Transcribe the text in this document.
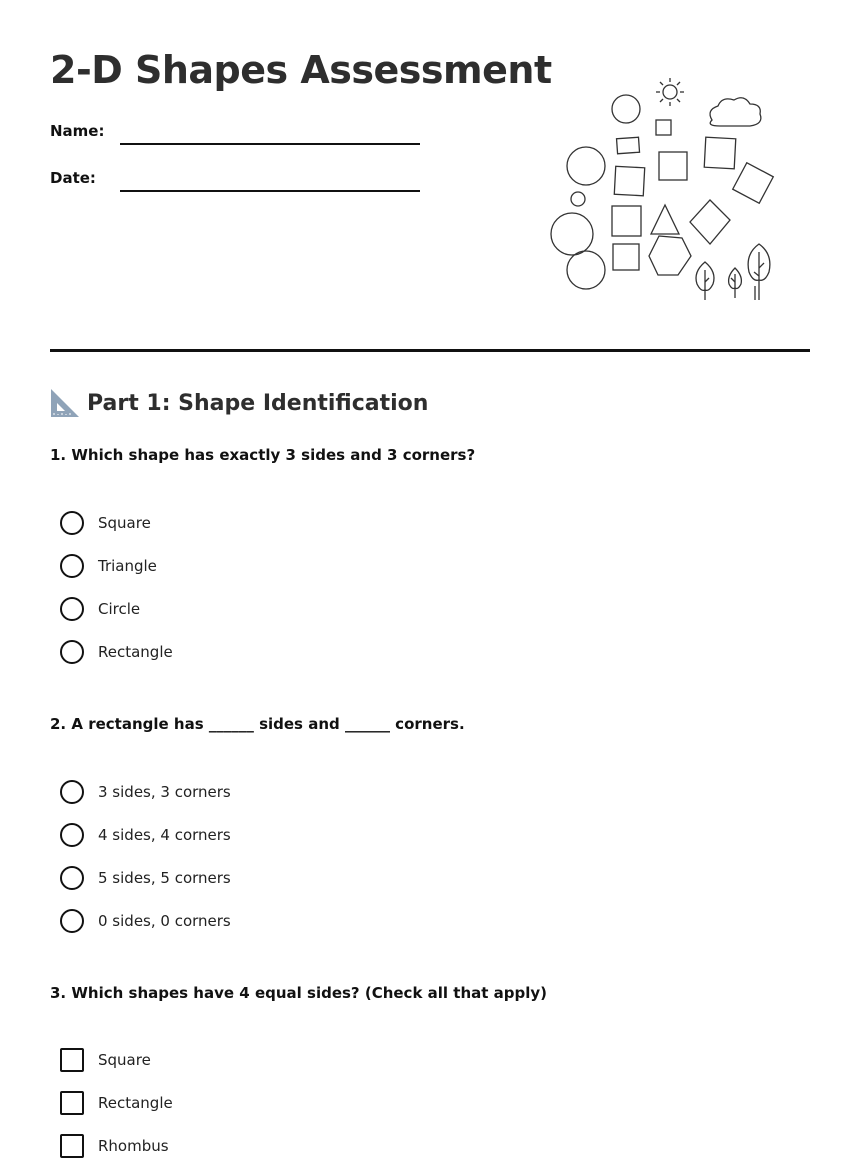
2-D Shapes Assessment
Name:
Date:
Part 1: Shape Identification
1. Which shape has exactly 3 sides and 3 corners?
Square
Triangle
Circle
Rectangle
2. A rectangle has ______ sides and ______ corners.
3 sides, 3 corners
4 sides, 4 corners
5 sides, 5 corners
0 sides, 0 corners
3. Which shapes have 4 equal sides? (Check all that apply)
Square
Rectangle
Rhombus
